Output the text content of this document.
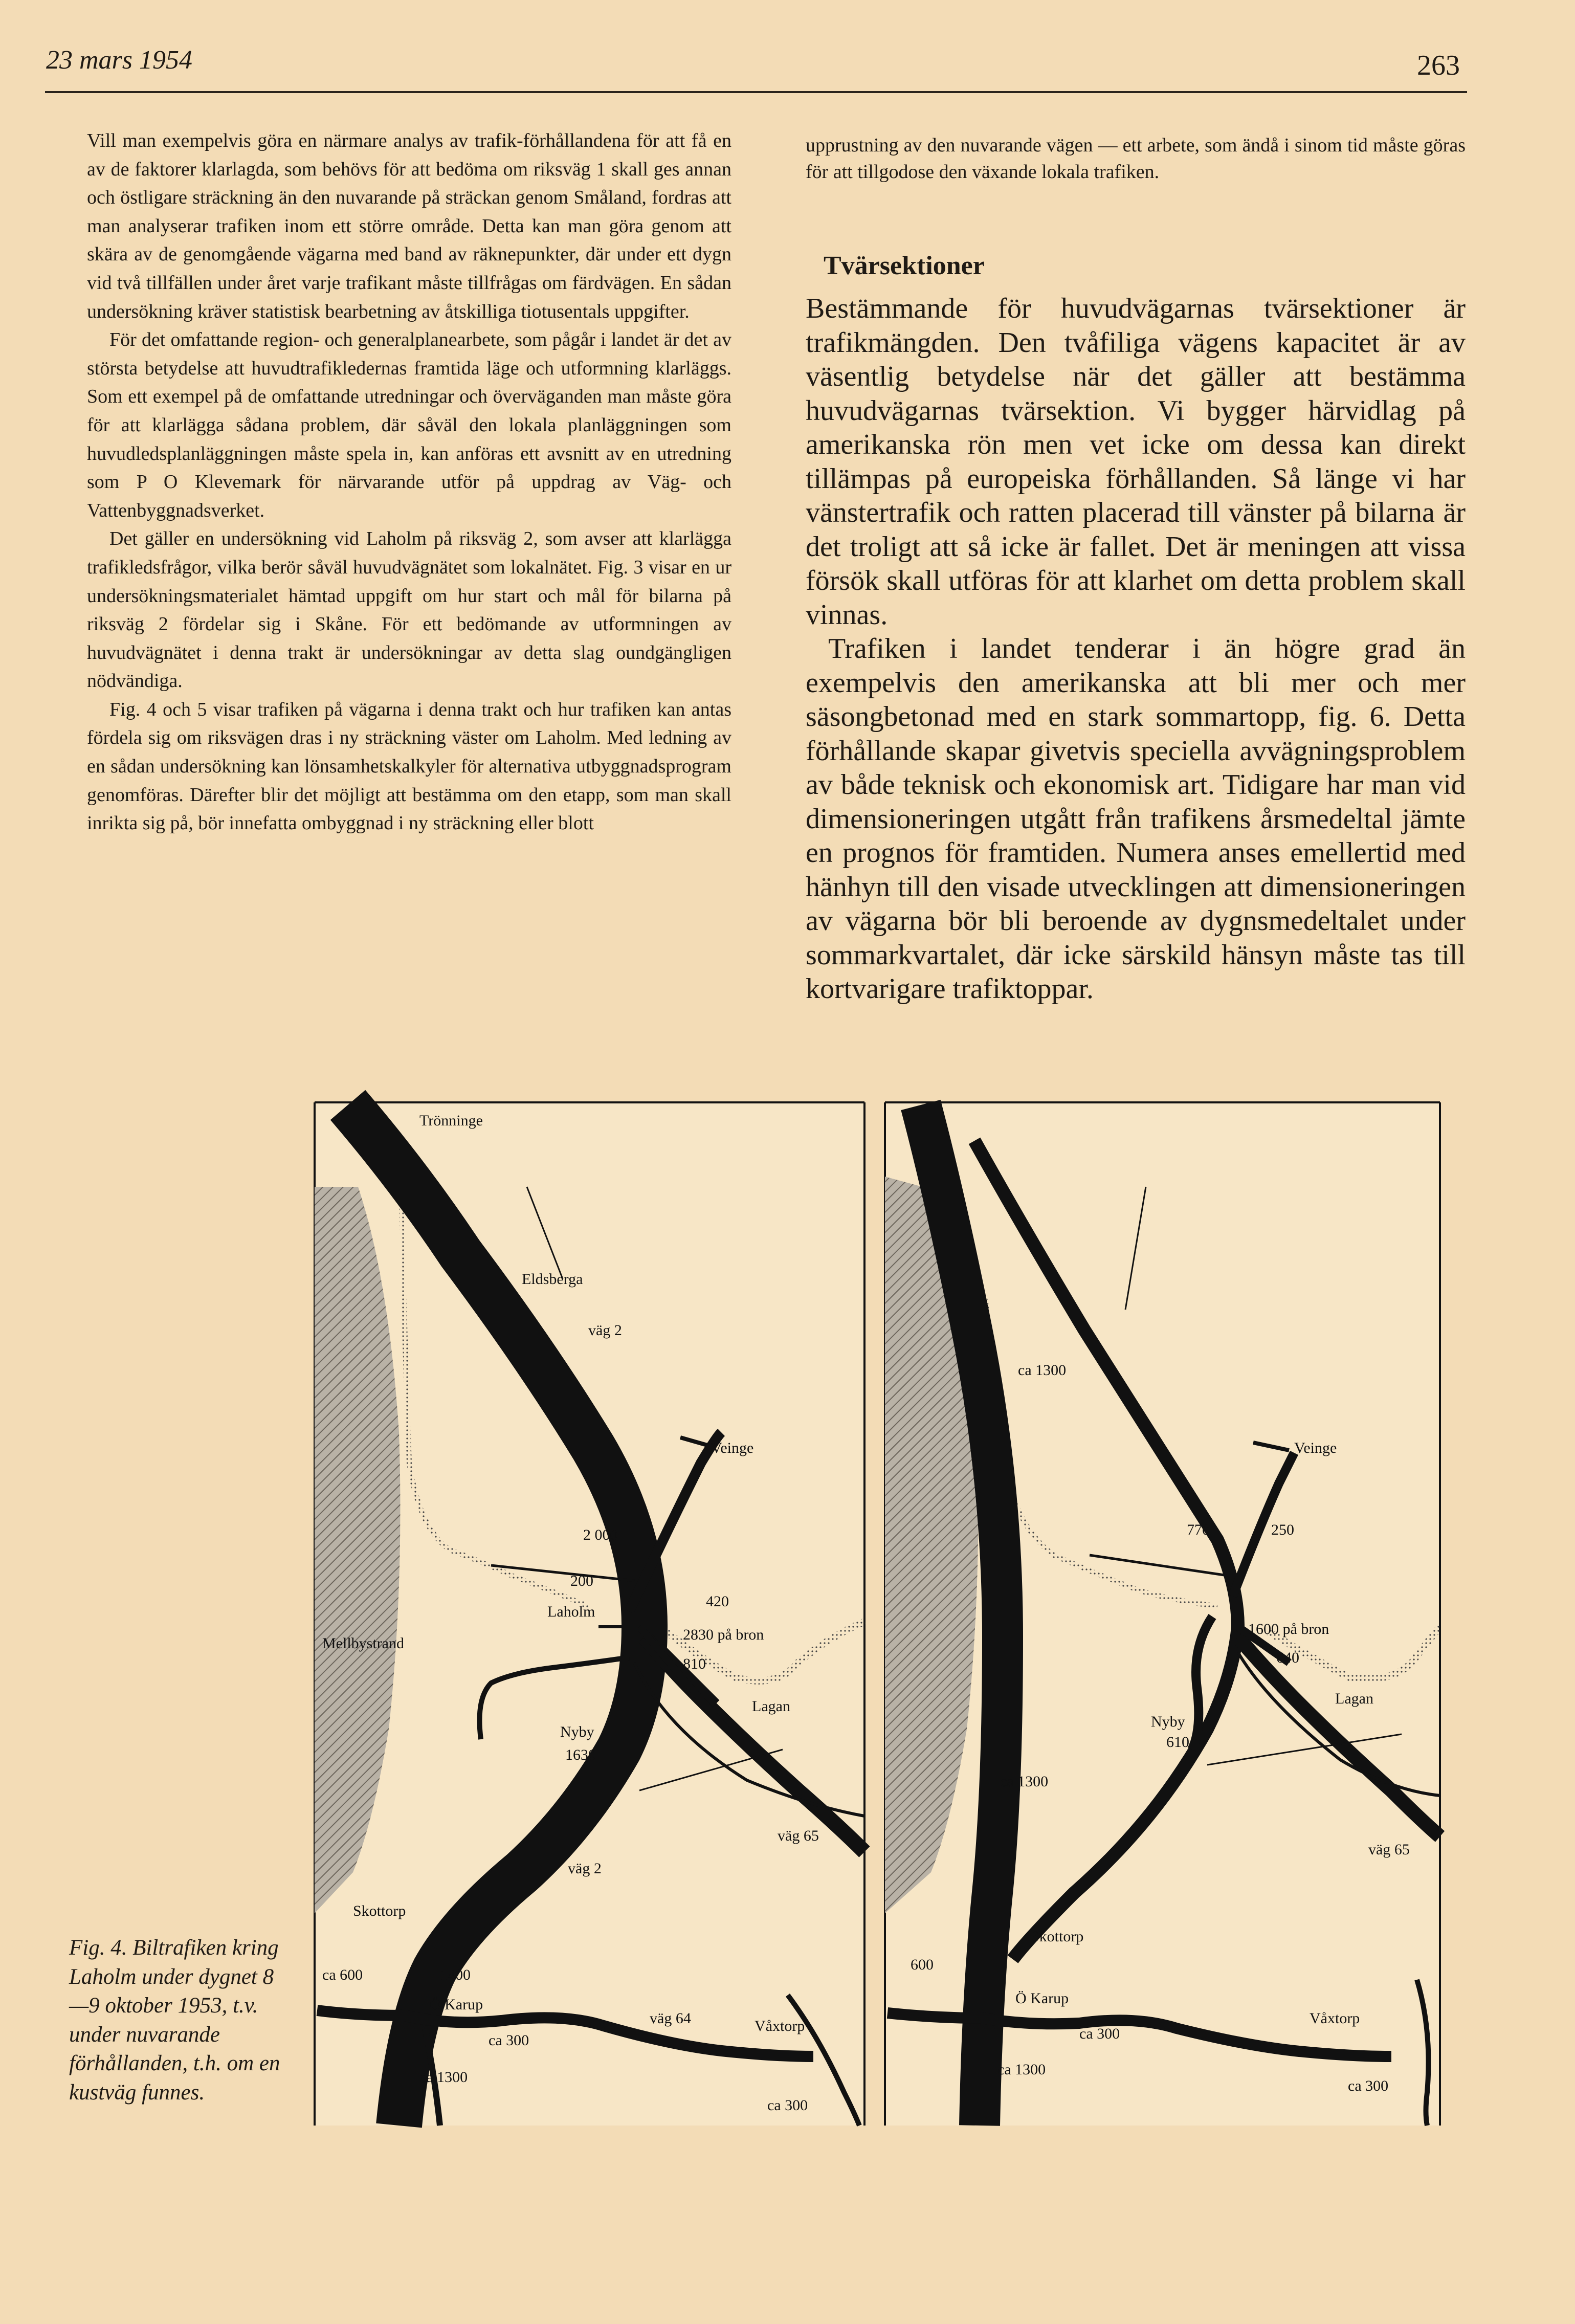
23 mars 1954	263

Vill man exempelvis göra en närmare analys av trafik-förhållandena för att få en av de faktorer klarlagda, som behövs för att bedöma om riksväg 1 skall ges annan och östligare sträckning än den nuvarande på sträckan genom Småland, fordras att man analyserar trafiken inom ett större område. Detta kan man göra genom att skära av de genomgående vägarna med band av räknepunkter, där under ett dygn vid två tillfällen under året varje trafikant måste tillfrågas om färdvägen. En sådan undersökning kräver statistisk bearbetning av åtskilliga tiotusentals uppgifter.

För det omfattande region- och generalplanearbete, som pågår i landet är det av största betydelse att huvudtrafikledernas framtida läge och utformning klarläggs. Som ett exempel på de omfattande utredningar och överväganden man måste göra för att klarlägga sådana problem, där såväl den lokala planläggningen som huvudledsplanläggningen måste spela in, kan anföras ett avsnitt av en utredning som P O Klevemark för närvarande utför på uppdrag av Väg- och Vattenbyggnadsverket.

Det gäller en undersökning vid Laholm på riksväg 2, som avser att klarlägga trafikledsfrågor, vilka berör såväl huvudvägnätet som lokalnätet. Fig. 3 visar en ur undersökningsmaterialet hämtad uppgift om hur start och mål för bilarna på riksväg 2 fördelar sig i Skåne. För ett bedömande av utformningen av huvudvägnätet i denna trakt är undersökningar av detta slag oundgängligen nödvändiga.

Fig. 4 och 5 visar trafiken på vägarna i denna trakt och hur trafiken kan antas fördela sig om riksvägen dras i ny sträckning väster om Laholm. Med ledning av en sådan undersökning kan lönsamhetskalkyler för alternativa utbyggnadsprogram genomföras. Därefter blir det möjligt att bestämma om den etapp, som man skall inrikta sig på, bör innefatta ombyggnad i ny sträckning eller blott

upprustning av den nuvarande vägen — ett arbete, som ändå i sinom tid måste göras för att tillgodose den växande lokala trafiken.

Tvärsektioner

Bestämmande för huvudvägarnas tvärsektioner är trafikmängden. Den tvåfiliga vägens kapacitet är av väsentlig betydelse när det gäller att bestämma huvudvägarnas tvärsektion. Vi bygger härvidlag på amerikanska rön men vet icke om dessa kan direkt tillämpas på europeiska förhållanden. Så länge vi har vänstertrafik och ratten placerad till vänster på bilarna är det troligt att så icke är fallet. Det är meningen att vissa försök skall utföras för att klarhet om detta problem skall vinnas.

Trafiken i landet tenderar i än högre grad än exempelvis den amerikanska att bli mer och mer säsongbetonad med en stark sommartopp, fig. 6. Detta förhållande skapar givetvis speciella avvägningsproblem av både teknisk och ekonomisk art. Tidigare har man vid dimensioneringen utgått från trafikens årsmedeltal jämte en prognos för framtiden. Numera anses emellertid med hänhyn till den visade utvecklingen att dimensioneringen av vägarna bör bli beroende av dygnsmedeltalet under sommarkvartalet, där icke särskild hänsyn måste tas till kortvarigare trafiktoppar.

Trönninge
Eldsberga
väg 2
Veinge
2 000
200
Laholm
420
2830 på bron
810
Mellbystrand
Lagan
Nyby
1630
väg 65
väg 2
Skottorp
ca 600	1400
Ö Karup
väg 64
ca 300
Våxtorp
ca 1300
ca 300
ca 1300
Veinge
770	250
1600 på bron
640
Lagan
Nyby
610
ca 1300
väg 65
Skottorp
600
Ö Karup
ca 300
Våxtorp
ca 1300
ca 300
Fig. 4. Biltrafiken kring Laholm under dygnet 8—9 oktober 1953, t.v. under nuvarande förhållanden, t.h. om en kustväg funnes.
